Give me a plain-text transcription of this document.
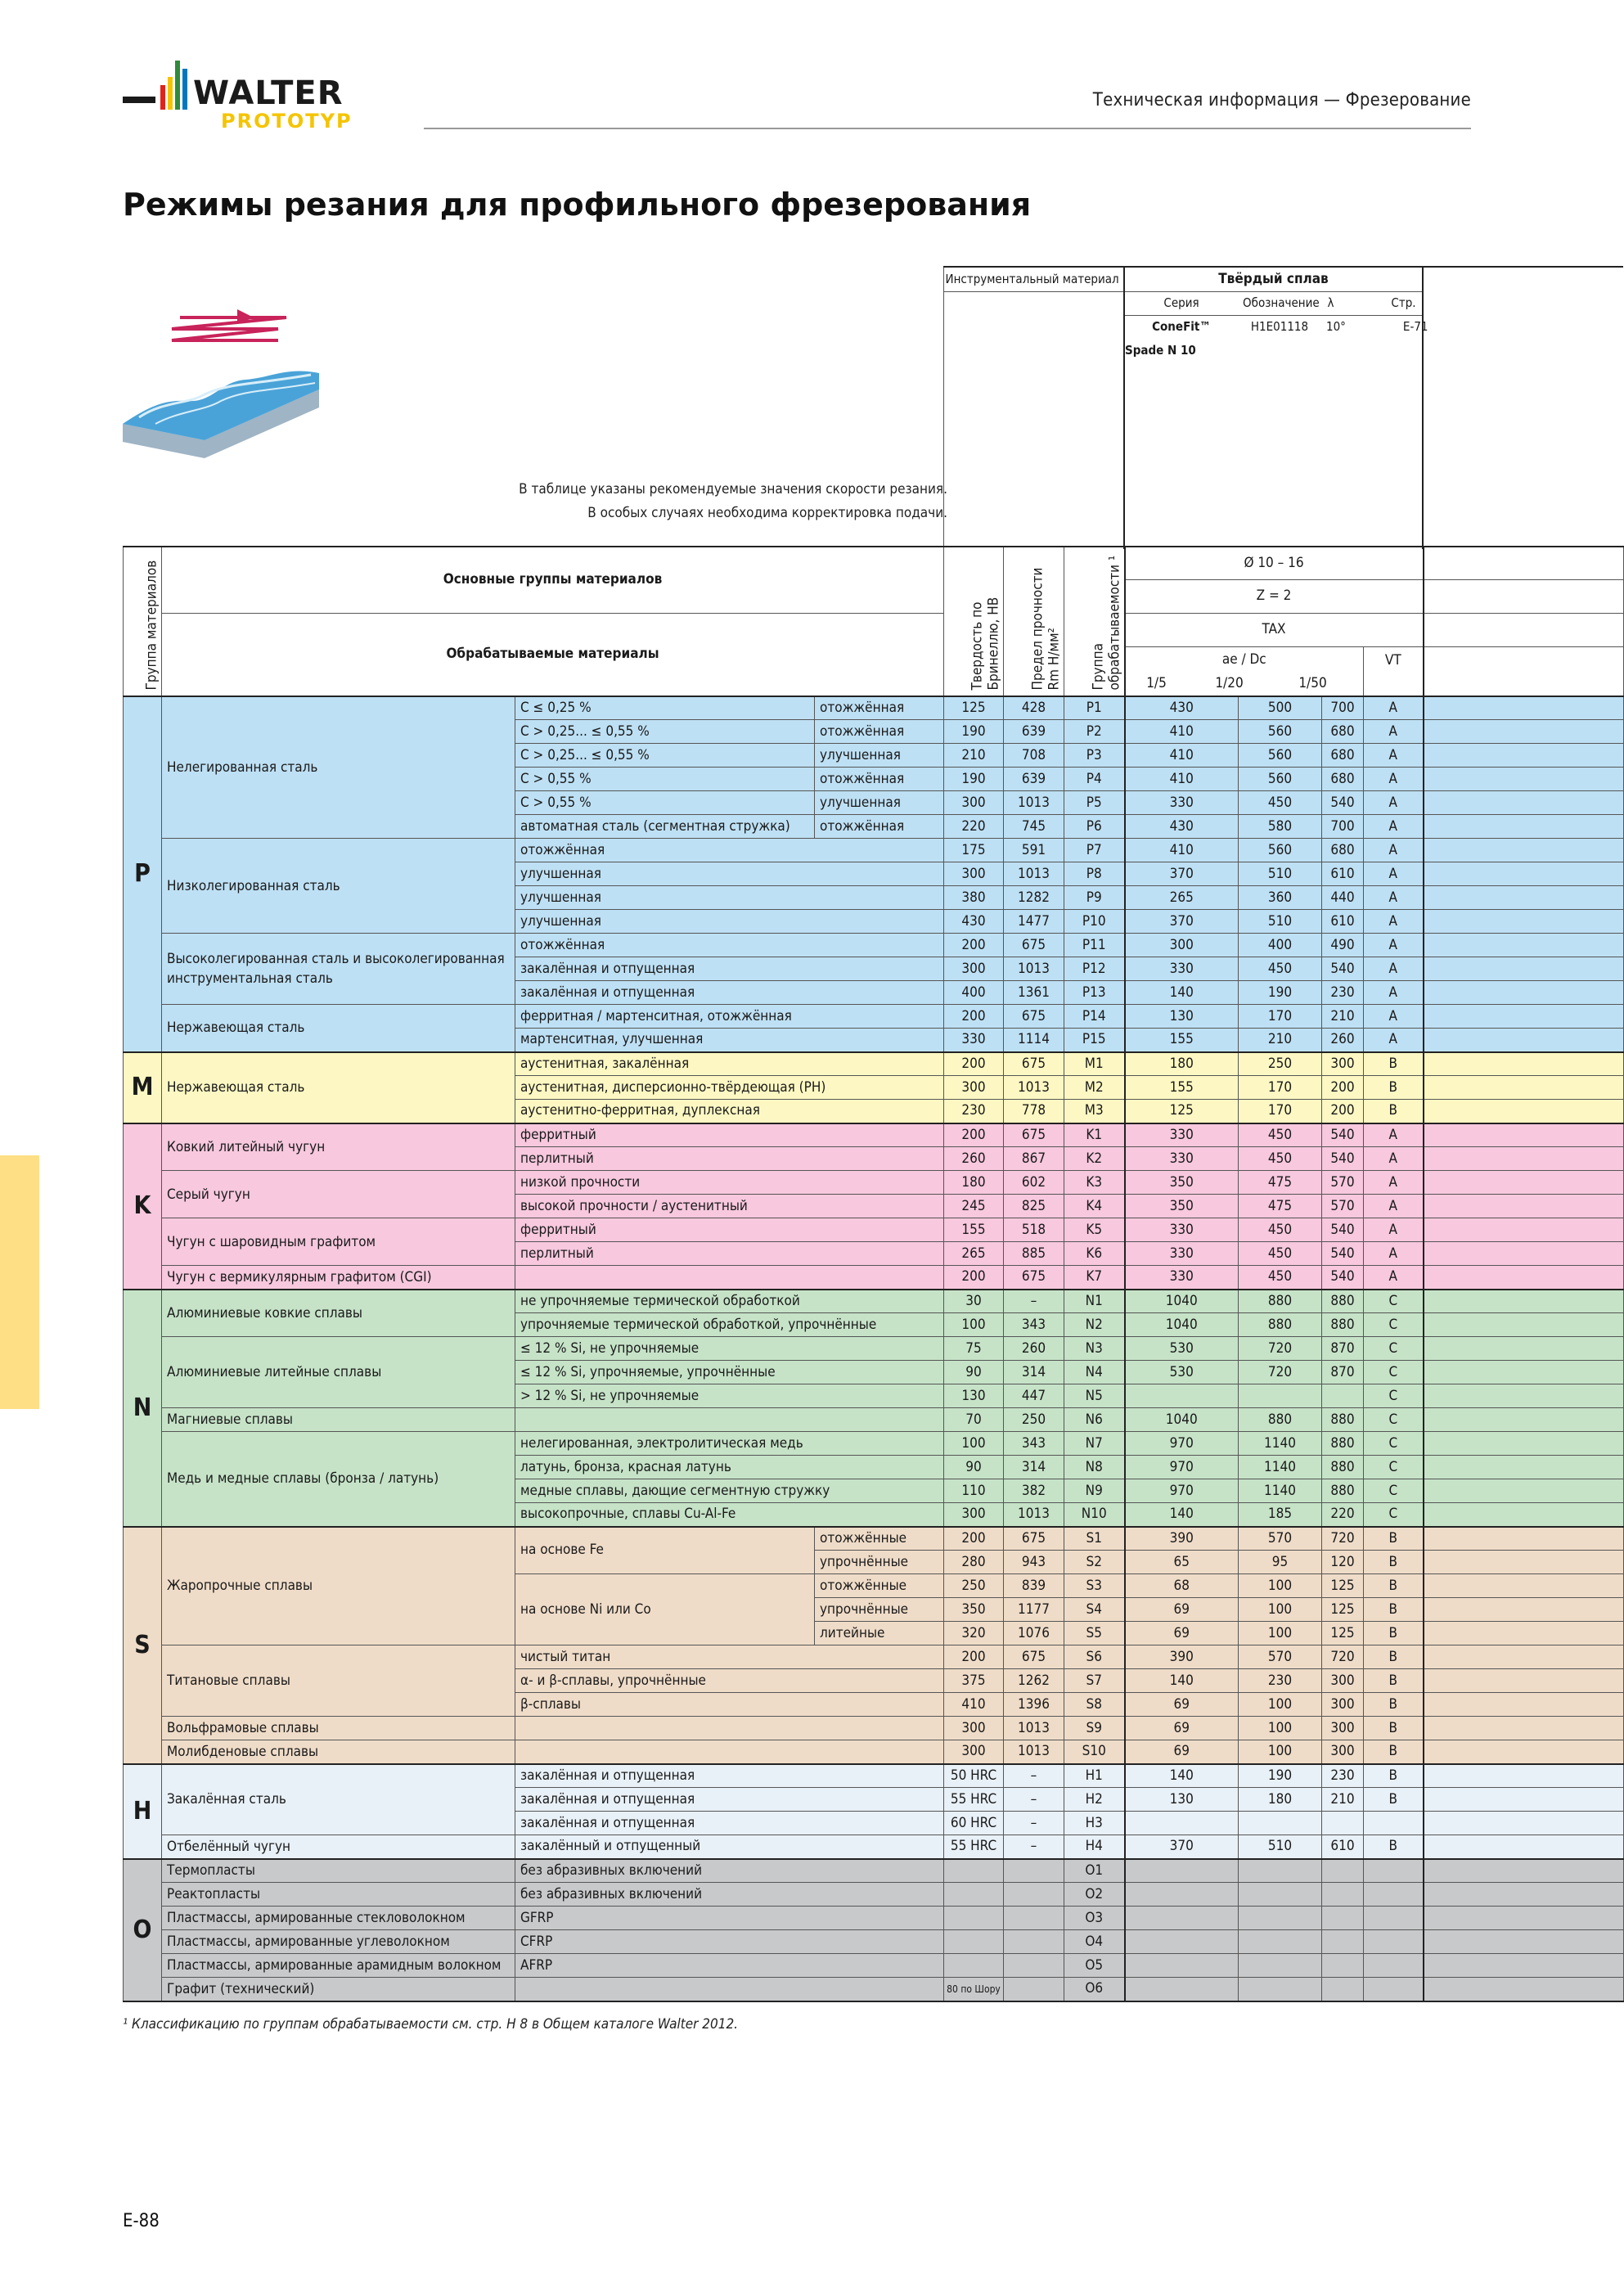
WALTER
PROTOTYP
Техническая информация — Фрезерование
Режимы резания для профильного фрезерования
В таблице указаны рекомендуемые значения скорости резания.
В особых случаях необходима корректировка подачи.
	Инструментальный материал	Твёрдый сплав			
		Серия	Обозначение	λ Стр.	
		ConeFit™	H1E01118	10° E-71	
		Spade N 10			

Группа материалов	Основные группы материалов			Твердость по Бринеллю, HB	Предел прочности Rm H/мм²	Группа обрабатываемости ¹	Ø 10 – 16				
							Z = 2				
	Обрабатываемые материалы						TAX				

							ae / Dc
1/5 1/20 1/50			VT	
P	Нелегированная сталь	C ≤ 0,25 %	отожжённая	125	428	P1	430	500	700	A	
		C > 0,25... ≤ 0,55 %	отожжённая	190	639	P2	410	560	680	A	
		C > 0,25... ≤ 0,55 %	улучшенная	210	708	P3	410	560	680	A	
		C > 0,55 %	отожжённая	190	639	P4	410	560	680	A	
		C > 0,55 %	улучшенная	300	1013	P5	330	450	540	A	
		автоматная сталь (сегментная стружка)	отожжённая	220	745	P6	430	580	700	A	
	Низколегированная сталь	отожжённая		175	591	P7	410	560	680	A	
		улучшенная		300	1013	P8	370	510	610	A	
		улучшенная		380	1282	P9	265	360	440	A	
		улучшенная		430	1477	P10	370	510	610	A	
	Высоколегированная сталь и высоколегированная инструментальная сталь	отожжённая		200	675	P11	300	400	490	A	
		закалённая и отпущенная		300	1013	P12	330	450	540	A	
		закалённая и отпущенная		400	1361	P13	140	190	230	A	
	Нержавеющая сталь	ферритная / мартенситная, отожжённая		200	675	P14	130	170	210	A	
		мартенситная, улучшенная		330	1114	P15	155	210	260	A	
M	Нержавеющая сталь	аустенитная, закалённая		200	675	M1	180	250	300	B	
		аустенитная, дисперсионно-твёрдеющая (PH)		300	1013	M2	155	170	200	B	
		аустенитно-ферритная, дуплексная		230	778	M3	125	170	200	B	
K	Ковкий литейный чугун	ферритный		200	675	K1	330	450	540	A	
		перлитный		260	867	K2	330	450	540	A	
	Серый чугун	низкой прочности		180	602	K3	350	475	570	A	
		высокой прочности / аустенитный		245	825	K4	350	475	570	A	
	Чугун с шаровидным графитом	ферритный		155	518	K5	330	450	540	A	
		перлитный		265	885	K6	330	450	540	A	
	Чугун с вермикулярным графитом (CGI)			200	675	K7	330	450	540	A	
N	Алюминиевые ковкие сплавы	не упрочняемые термической обработкой		30	–	N1	1040	880	880	C	
		упрочняемые термической обработкой, упрочнённые		100	343	N2	1040	880	880	C	
	Алюминиевые литейные сплавы	≤ 12 % Si, не упрочняемые		75	260	N3	530	720	870	C	
		≤ 12 % Si, упрочняемые, упрочнённые		90	314	N4	530	720	870	C	
		> 12 % Si, не упрочняемые		130	447	N5				C	
	Магниевые сплавы			70	250	N6	1040	880	880	C	
	Медь и медные сплавы (бронза / латунь)	нелегированная, электролитическая медь		100	343	N7	970	1140	880	C	
		латунь, бронза, красная латунь		90	314	N8	970	1140	880	C	
		медные сплавы, дающие сегментную стружку		110	382	N9	970	1140	880	C	
		высокопрочные, сплавы Cu-Al-Fe		300	1013	N10	140	185	220	C	
S	Жаропрочные сплавы	на основе Fe	отожжённые	200	675	S1	390	570	720	B	
			упрочнённые	280	943	S2	65	95	120	B	
		на основе Ni или Co	отожжённые	250	839	S3	68	100	125	B	
			упрочнённые	350	1177	S4	69	100	125	B	
			литейные	320	1076	S5	69	100	125	B	
	Титановые сплавы	чистый титан		200	675	S6	390	570	720	B	
		α- и β-сплавы, упрочнённые		375	1262	S7	140	230	300	B	
		β-сплавы		410	1396	S8	69	100	300	B	
	Вольфрамовые сплавы			300	1013	S9	69	100	300	B	
	Молибденовые сплавы			300	1013	S10	69	100	300	B	
H	Закалённая сталь	закалённая и отпущенная		50 HRC	–	H1	140	190	230	B	
		закалённая и отпущенная		55 HRC	–	H2	130	180	210	B	
		закалённая и отпущенная		60 HRC	–	H3					
	Отбелённый чугун	закалённый и отпущенный		55 HRC	–	H4	370	510	610	B	
O	Термопласты	без абразивных включений				O1					
	Реактопласты	без абразивных включений				O2					
	Пластмассы, армированные стекловолокном	GFRP				O3					
	Пластмассы, армированные углеволокном	CFRP				O4					
	Пластмассы, армированные арамидным волокном	AFRP				O5					
	Графит (технический)			80 по Шору		O6					
¹ Классификацию по группам обрабатываемости см. стр. Н 8 в Общем каталоге Walter 2012.
E-88
